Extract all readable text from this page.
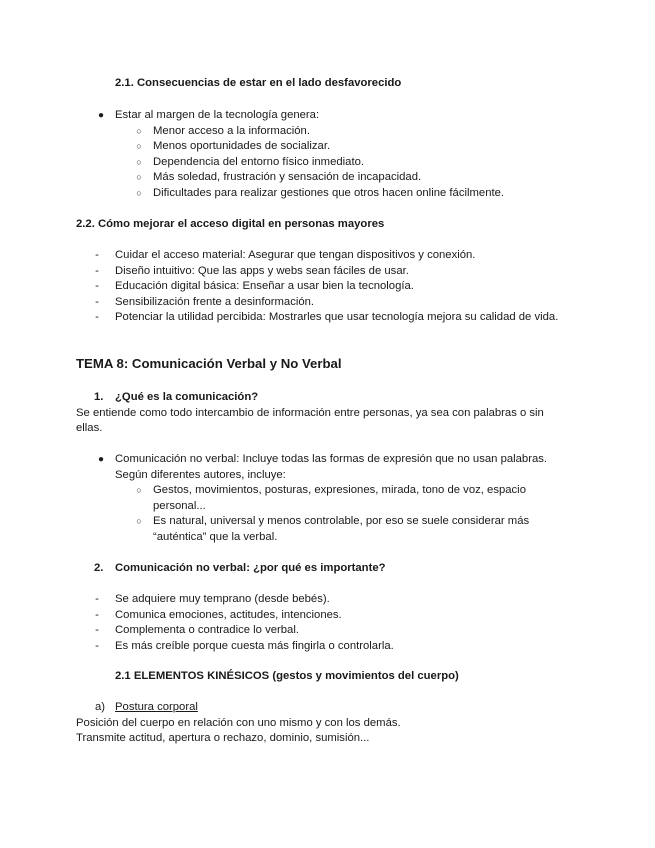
2.1. Consecuencias de estar en el lado desfavorecido
● Estar al margen de la tecnología genera:
○ Menor acceso a la información.
○ Menos oportunidades de socializar.
○ Dependencia del entorno físico inmediato.
○ Más soledad, frustración y sensación de incapacidad.
○ Dificultades para realizar gestiones que otros hacen online fácilmente.
2.2. Cómo mejorar el acceso digital en personas mayores
-	Cuidar el acceso material: Asegurar que tengan dispositivos y conexión.
-	Diseño intuitivo: Que las apps y webs sean fáciles de usar.
-	Educación digital básica: Enseñar a usar bien la tecnología.
-	Sensibilización frente a desinformación.
-	Potenciar la utilidad percibida: Mostrarles que usar tecnología mejora su calidad de vida.
TEMA 8: Comunicación Verbal y No Verbal
1. ¿Qué es la comunicación?
Se entiende como todo intercambio de información entre personas, ya sea con palabras o sin
ellas.
● Comunicación no verbal: Incluye todas las formas de expresión que no usan palabras.
Según diferentes autores, incluye:
○ Gestos, movimientos, posturas, expresiones, mirada, tono de voz, espacio
personal...
○ Es natural, universal y menos controlable, por eso se suele considerar más
“auténtica” que la verbal.
2. Comunicación no verbal: ¿por qué es importante?
-	Se adquiere muy temprano (desde bebés).
-	Comunica emociones, actitudes, intenciones.
-	Complementa o contradice lo verbal.
-	Es más creíble porque cuesta más fingirla o controlarla.
2.1 ELEMENTOS KINÉSICOS (gestos y movimientos del cuerpo)
a) Postura corporal
Posición del cuerpo en relación con uno mismo y con los demás.
Transmite actitud, apertura o rechazo, dominio, sumisión...
